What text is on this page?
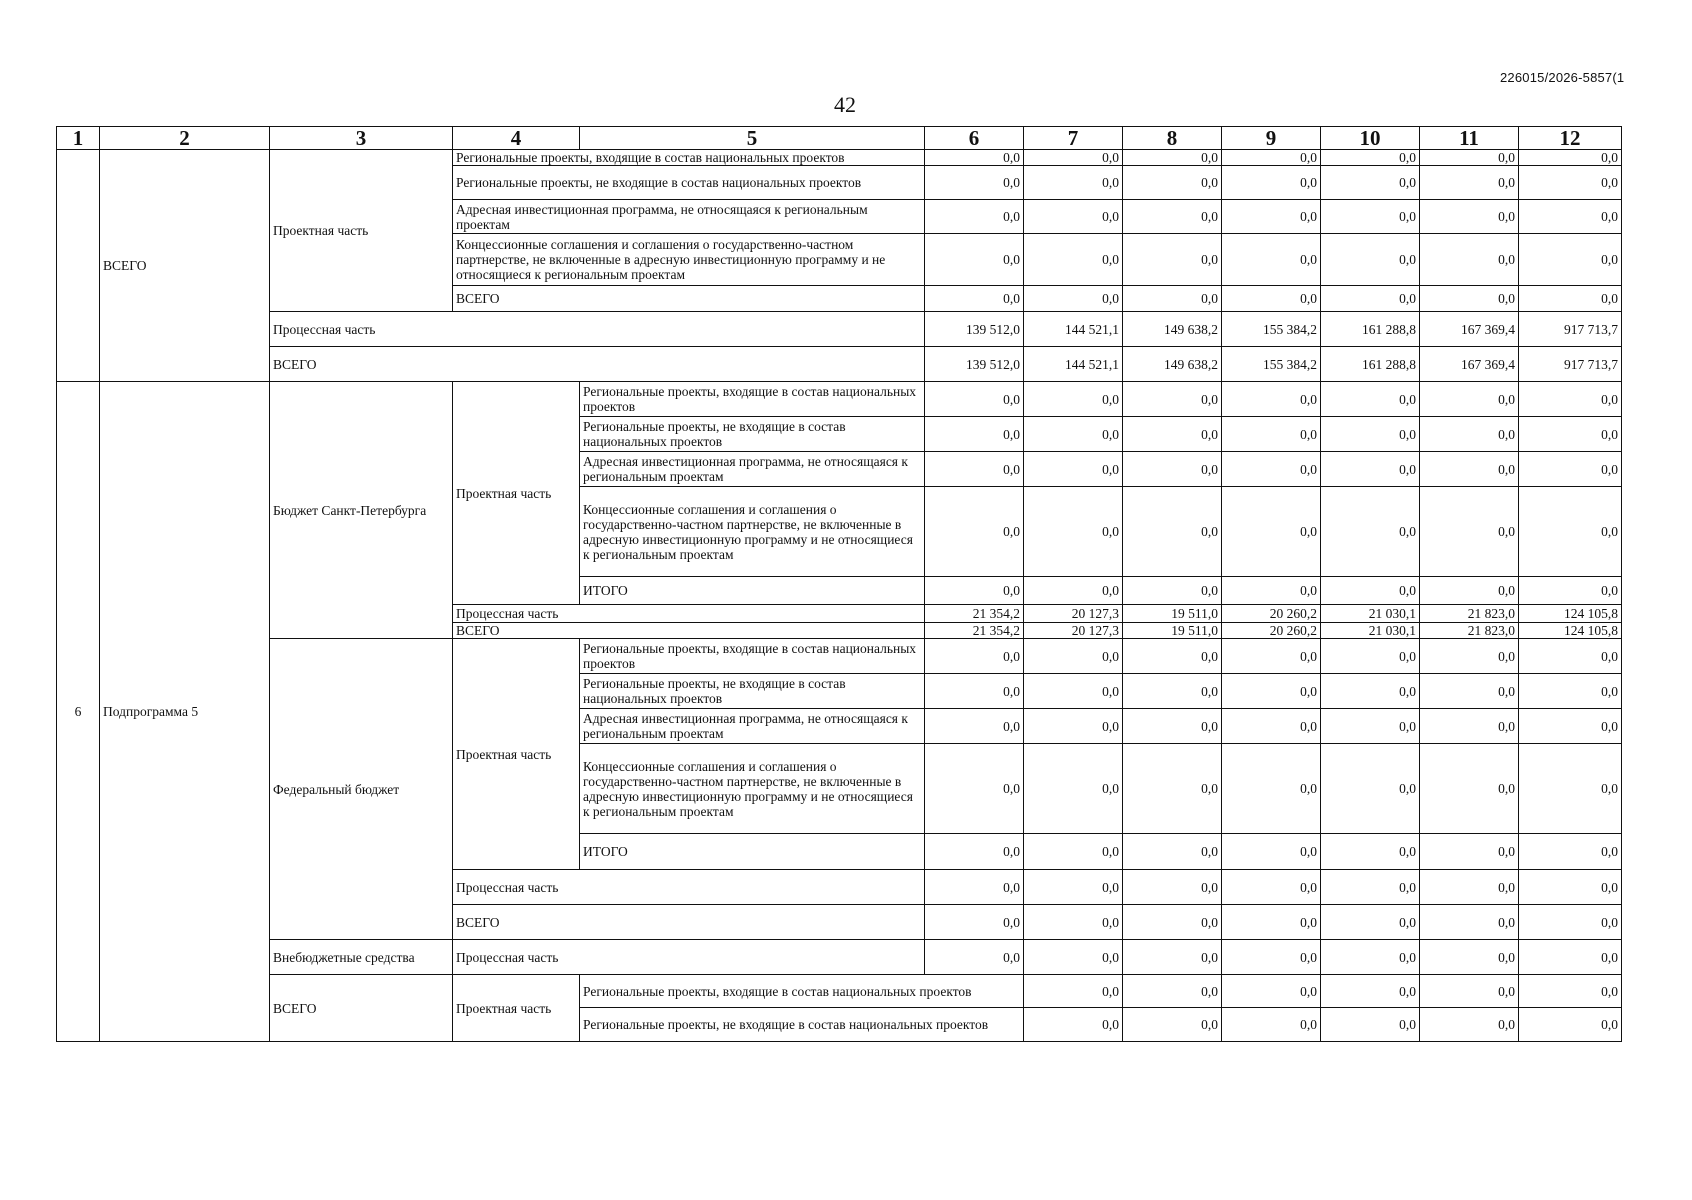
226015/2026-5857(1
42
1	2	3	4	5	6	7	8	9	10	11	12	
	ВСЕГО	Проектная часть	Региональные проекты, входящие в состав национальных проектов		0,0	0,0	0,0	0,0	0,0	0,0	0,0	
			Региональные проекты, не входящие в состав национальных проектов		0,0	0,0	0,0	0,0	0,0	0,0	0,0	
			Адресная инвестиционная программа, не относящаяся к региональным проектам		0,0	0,0	0,0	0,0	0,0	0,0	0,0	
			Концессионные соглашения и соглашения о государственно-частном партнерстве, не включенные в адресную инвестиционную программу и не относящиеся к региональным проектам		0,0	0,0	0,0	0,0	0,0	0,0	0,0	
			ВСЕГО		0,0	0,0	0,0	0,0	0,0	0,0	0,0	
		Процессная часть			139 512,0	144 521,1	149 638,2	155 384,2	161 288,8	167 369,4	917 713,7	
		ВСЕГО			139 512,0	144 521,1	149 638,2	155 384,2	161 288,8	167 369,4	917 713,7	
6	Подпрограмма 5	Бюджет Санкт-Петербурга	Проектная часть	Региональные проекты, входящие в состав национальных проектов	0,0	0,0	0,0	0,0	0,0	0,0	0,0	
				Региональные проекты, не входящие в состав национальных проектов	0,0	0,0	0,0	0,0	0,0	0,0	0,0	
				Адресная инвестиционная программа, не относящаяся к региональным проектам	0,0	0,0	0,0	0,0	0,0	0,0	0,0	
				Концессионные соглашения и соглашения о государственно-частном партнерстве, не включенные в адресную инвестиционную программу и не относящиеся к региональным проектам	0,0	0,0	0,0	0,0	0,0	0,0	0,0	
				ИТОГО	0,0	0,0	0,0	0,0	0,0	0,0	0,0	
			Процессная часть		21 354,2	20 127,3	19 511,0	20 260,2	21 030,1	21 823,0	124 105,8	
			ВСЕГО		21 354,2	20 127,3	19 511,0	20 260,2	21 030,1	21 823,0	124 105,8	
		Федеральный бюджет	Проектная часть	Региональные проекты, входящие в состав национальных проектов	0,0	0,0	0,0	0,0	0,0	0,0	0,0	
				Региональные проекты, не входящие в состав национальных проектов	0,0	0,0	0,0	0,0	0,0	0,0	0,0	
				Адресная инвестиционная программа, не относящаяся к региональным проектам	0,0	0,0	0,0	0,0	0,0	0,0	0,0	
				Концессионные соглашения и соглашения о государственно-частном партнерстве, не включенные в адресную инвестиционную программу и не относящиеся к региональным проектам	0,0	0,0	0,0	0,0	0,0	0,0	0,0	
				ИТОГО	0,0	0,0	0,0	0,0	0,0	0,0	0,0	
			Процессная часть		0,0	0,0	0,0	0,0	0,0	0,0	0,0	
			ВСЕГО		0,0	0,0	0,0	0,0	0,0	0,0	0,0	
		Внебюджетные средства	Процессная часть		0,0	0,0	0,0	0,0	0,0	0,0	0,0	
		ВСЕГО	Проектная часть	Региональные проекты, входящие в состав национальных проектов		0,0	0,0	0,0	0,0	0,0	0,0	
				Региональные проекты, не входящие в состав национальных проектов		0,0	0,0	0,0	0,0	0,0	0,0	
